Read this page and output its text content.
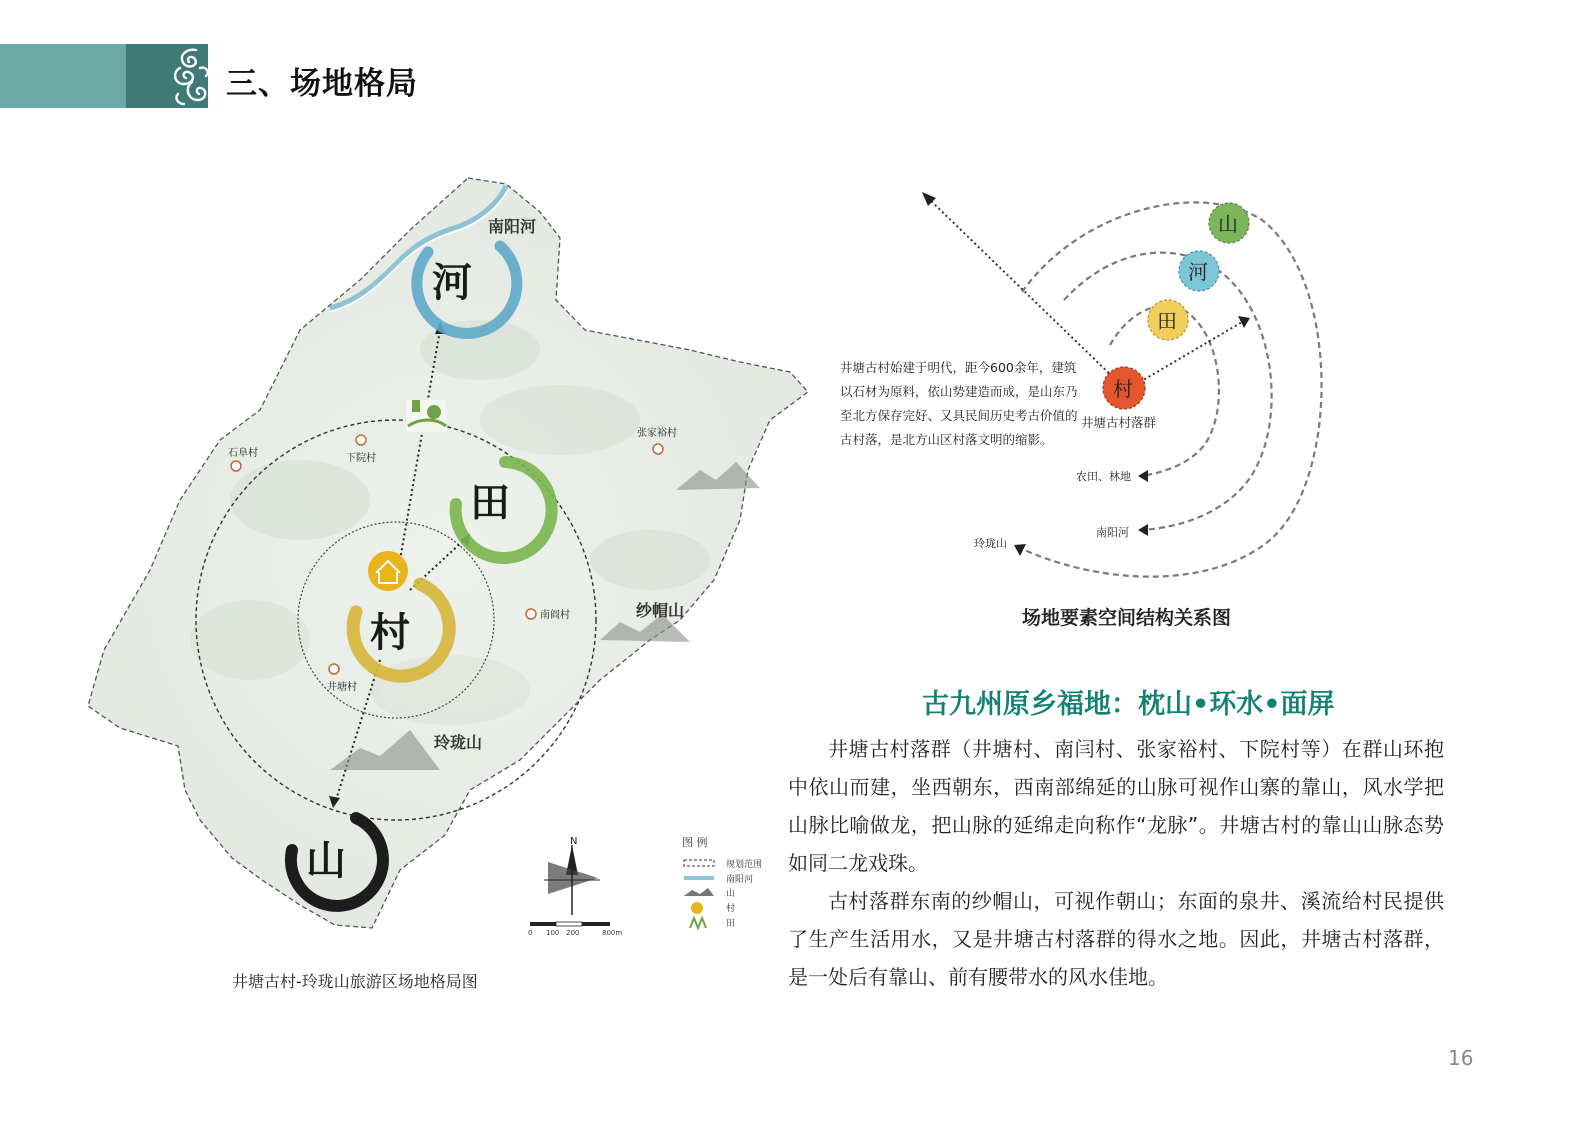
三、场地格局
河
田
村
山
南阳河
纱帽山
玲珑山
石阜村	下院村
张家裕村
南阎村
井塘村
N
0 100 200	800m
图 例
规划范围
南阳河
山
村
田
井塘古村-玲珑山旅游区场地格局图
山
河
田
村
井塘古村落群
农田、林地
南阳河
玲珑山
井塘古村始建于明代，距今600余年，建筑以石材为原料，依山势建造而成，是山东乃至北方保存完好、又具民间历史考古价值的古村落，是北方山区村落文明的缩影。
场地要素空间结构关系图
古九州原乡福地：枕山•环水•面屏

井塘古村落群（井塘村、南闫村、张家裕村、下院村等）在群山环抱中依山而建，坐西朝东，西南部绵延的山脉可视作山寨的靠山，风水学把山脉比喻做龙，把山脉的延绵走向称作“龙脉”。井塘古村的靠山山脉态势如同二龙戏珠。

古村落群东南的纱帽山，可视作朝山；东面的泉井、溪流给村民提供了生产生活用水，又是井塘古村落群的得水之地。因此，井塘古村落群，是一处后有靠山、前有腰带水的风水佳地。

16
